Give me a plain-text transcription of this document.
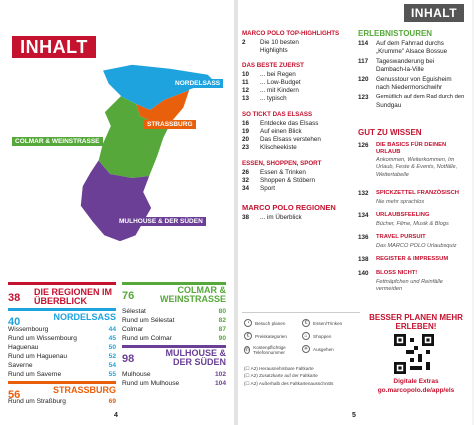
INHALT
NORDELSASS
STRASSBURG
COLMAR & WEINSTRASSE
MULHOUSE & DER SÜDEN
38 DIE REGIONEN IM ÜBERBLICK
40	NORDELSASS
Wissembourg	44
Rund um Wissembourg	45
Haguenau	50
Rund um Haguenau	52
Saverne	54
Rund um Saverne	55
56	STRASSBURG
Rund um Straßburg	69
76	COLMAR & WEINSTRASSE
Sélestat	80
Rund um Sélestat	82
Colmar	87
Rund um Colmar	90
98	MULHOUSE & DER SÜDEN
Mulhouse	102
Rund um Mulhouse	104
4
INHALT
MARCO POLO TOP-HIGHLIGHTS
2	Die 10 besten
Highlights
DAS BESTE ZUERST
10	... bei Regen
11	... Low-Budget
12	... mit Kindern
13	... typisch
SO TICKT DAS ELSASS
16	Entdecke das Elsass
19	Auf einen Blick
20	Das Elsass verstehen
23	Klischeekiste
ESSEN, SHOPPEN, SPORT
26	Essen & Trinken
32	Shoppen & Stöbern
34	Sport
MARCO POLO REGIONEN
38	... im Überblick
ERLEBNISTOUREN
114	Auf dem Fahrrad durchs
„Krumme" Alsace Bossue
117	Tageswanderung bei
Dambach-la-Ville
120	Genusstour von Eguisheim
nach Niedermorschwihr
123	Gemütlich auf dem Rad durch den
Sundgau
GUT ZU WISSEN
126	DIE BASICS FÜR DEINEN URLAUB
Ankommen, Weiterkommen, Im Urlaub, Feste & Events, Notfälle, Wettertabelle
132	SPICKZETTEL FRANZÖSISCH
Nie mehr sprachlos
134	URLAUBSFEELING
Bücher, Filme, Musik & Blogs
136	TRAVEL PURSUIT
Das MARCO POLO Urlaubsquiz
138	REGISTER & IMPRESSUM
140	BLOSS NICHT!
Fettnäpfchen und Reinfälle vermeiden
◔	Besuch planen	€	Essen/Trinken
€	Preiskategorien	⌂	Shoppen
✆ Kostenpflichtige Telefonnummer
☀	Ausgehen
(☐ A2) Herausnehmbare Faltkarte
(☐ A2) Zusatzkarte auf der Faltkarte
(☐ A2) Außerhalb des Faltkartenausschnitts
BESSER PLANEN MEHR ERLEBEN!
Digitale Extras
go.marcopolo.de/app/els
5
